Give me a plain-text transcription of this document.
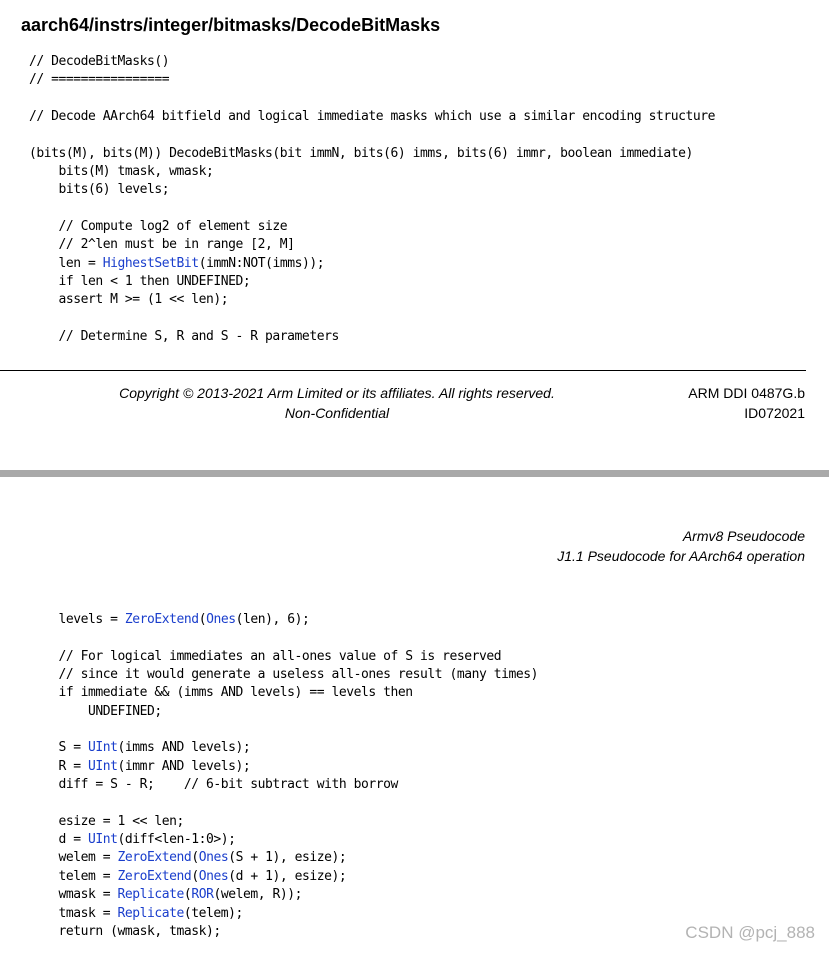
aarch64/instrs/integer/bitmasks/DecodeBitMasks
// DecodeBitMasks()
// ================

// Decode AArch64 bitfield and logical immediate masks which use a similar encoding structure

(bits(M), bits(M)) DecodeBitMasks(bit immN, bits(6) imms, bits(6) immr, boolean immediate)
bits(M) tmask, wmask;
bits(6) levels;

// Compute log2 of element size
// 2^len must be in range [2, M]
len = HighestSetBit(immN:NOT(imms));
if len < 1 then UNDEFINED;
assert M >= (1 << len);

// Determine S, R and S - R parameters

Copyright © 2013-2021 Arm Limited or its affiliates. All rights reserved.
Non-Confidential
ARM DDI 0487G.b
ID072021
Armv8 Pseudocode
J1.1 Pseudocode for AArch64 operation
levels = ZeroExtend(Ones(len), 6);

// For logical immediates an all-ones value of S is reserved
// since it would generate a useless all-ones result (many times)
if immediate && (imms AND levels) == levels then
UNDEFINED;

S = UInt(imms AND levels);
R = UInt(immr AND levels);
diff = S - R;    // 6-bit subtract with borrow

esize = 1 << len;
d = UInt(diff<len-1:0>);
welem = ZeroExtend(Ones(S + 1), esize);
telem = ZeroExtend(Ones(d + 1), esize);
wmask = Replicate(ROR(welem, R));
tmask = Replicate(telem);
return (wmask, tmask);	CSDN @pcj_888
